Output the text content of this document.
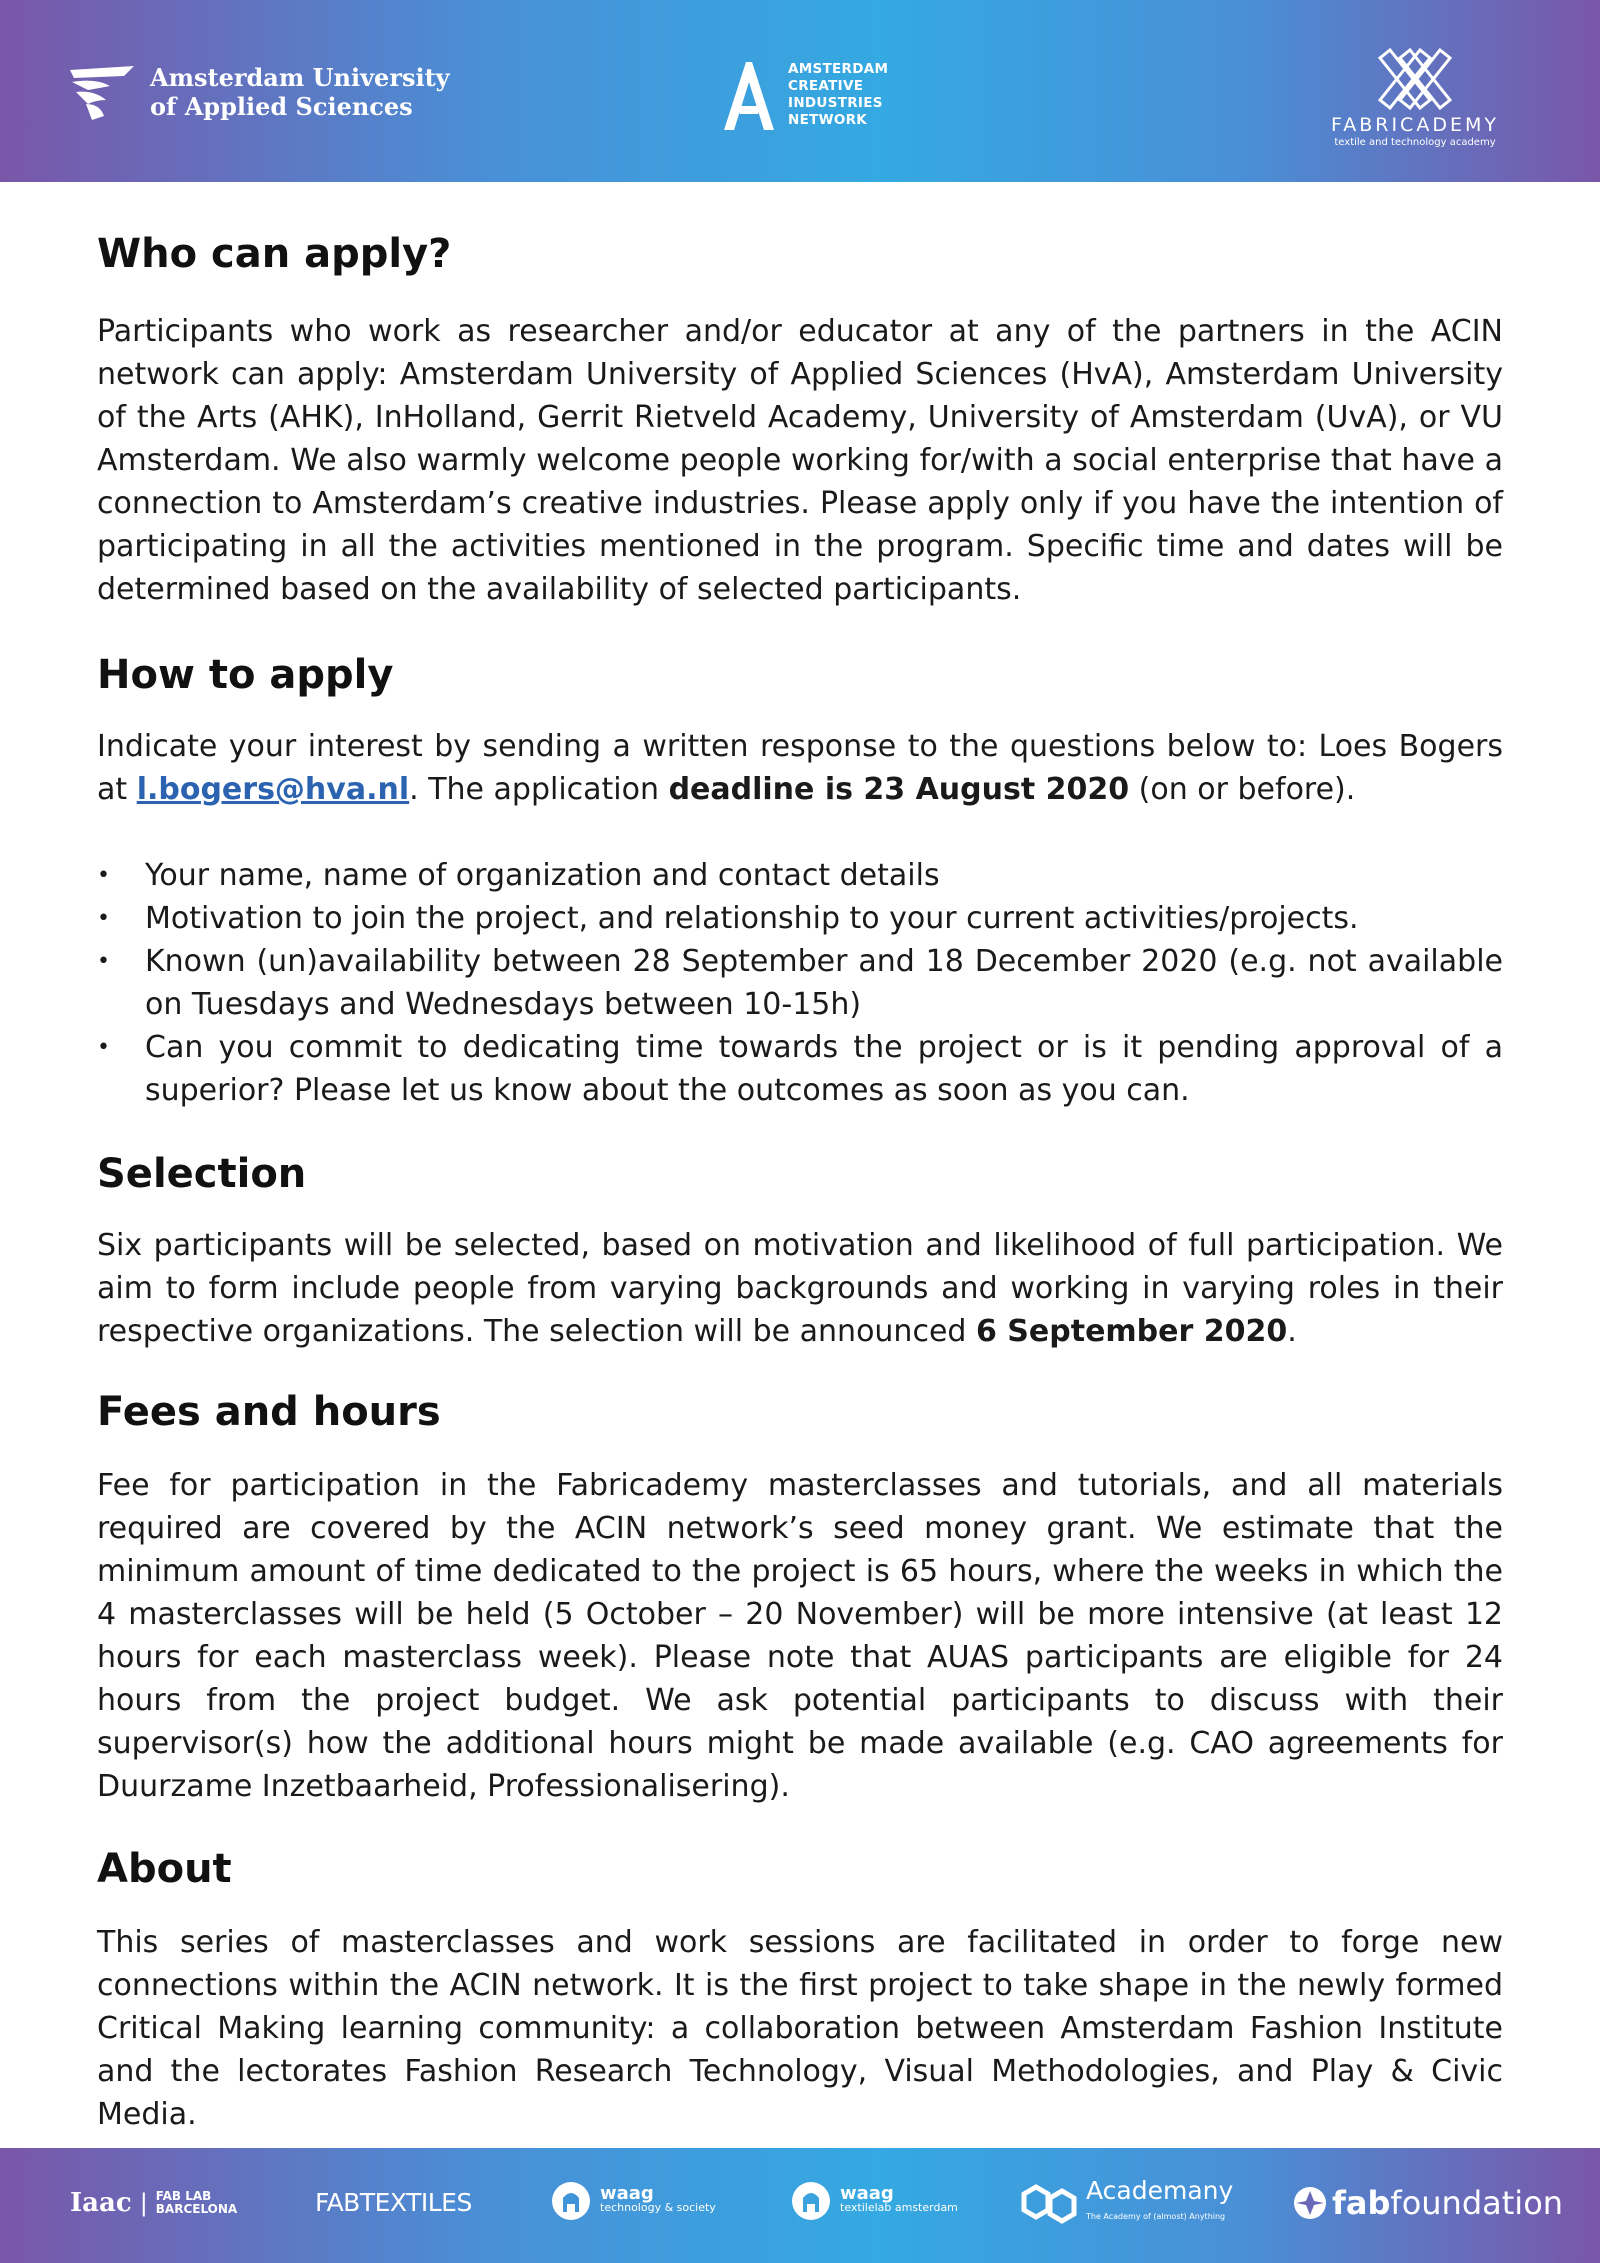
Amsterdam University
of Applied Sciences
AMSTERDAM
CREATIVE
INDUSTRIES
NETWORK	FABRICADEMY
textile and technology academy
Who can apply?

Participants who work as researcher and/or educator at any of the partners in the ACIN network can apply: Amsterdam University of Applied Sciences (HvA), Amsterdam University of the Arts (AHK), InHolland, Gerrit Rietveld Academy, University of Amsterdam (UvA), or VU Amsterdam. We also warmly welcome people working for/with a social enterprise that have a connection to Amsterdam’s creative industries. Please apply only if you have the intention of participating in all the activities mentioned in the program. Specific time and dates will be determined based on the availability of selected participants.

How to apply

Indicate your interest by sending a written response to the questions below to: Loes Bogers at l.bogers@hva.nl. The application deadline is 23 August 2020 (on or before).

• Your name, name of organization and contact details
• Motivation to join the project, and relationship to your current activities/projects.
• Known (un)availability between 28 September and 18 December 2020 (e.g. not available on Tuesdays and Wednesdays between 10-15h)
• Can you commit to dedicating time towards the project or is it pending approval of a superior? Please let us know about the outcomes as soon as you can.
Selection

Six participants will be selected, based on motivation and likelihood of full participation. We aim to form include people from varying backgrounds and working in varying roles in their respective organizations. The selection will be announced 6 September 2020.

Fees and hours

Fee for participation in the Fabricademy masterclasses and tutorials, and all materials required are covered by the ACIN network’s seed money grant. We estimate that the minimum amount of time dedicated to the project is 65 hours, where the weeks in which the 4 masterclasses will be held (5 October – 20 November) will be more intensive (at least 12 hours for each masterclass week). Please note that AUAS participants are eligible for 24 hours from the project budget. We ask potential participants to discuss with their supervisor(s) how the additional hours might be made available (e.g. CAO agreements for Duurzame Inzetbaarheid, Professionalisering).

About

This series of masterclasses and work sessions are facilitated in order to forge new connections within the ACIN network. It is the first project to take shape in the newly formed Critical Making learning community: a collaboration between Amsterdam Fashion Institute and the lectorates Fashion Research Technology, Visual Methodologies, and Play & Civic Media.

Iaac | FAB LAB
BARCELONA	FABTEXTILES	waag
technology & society
waag
textilelab amsterdam
Academany
The Academy of (almost) Anything	fab foundation
